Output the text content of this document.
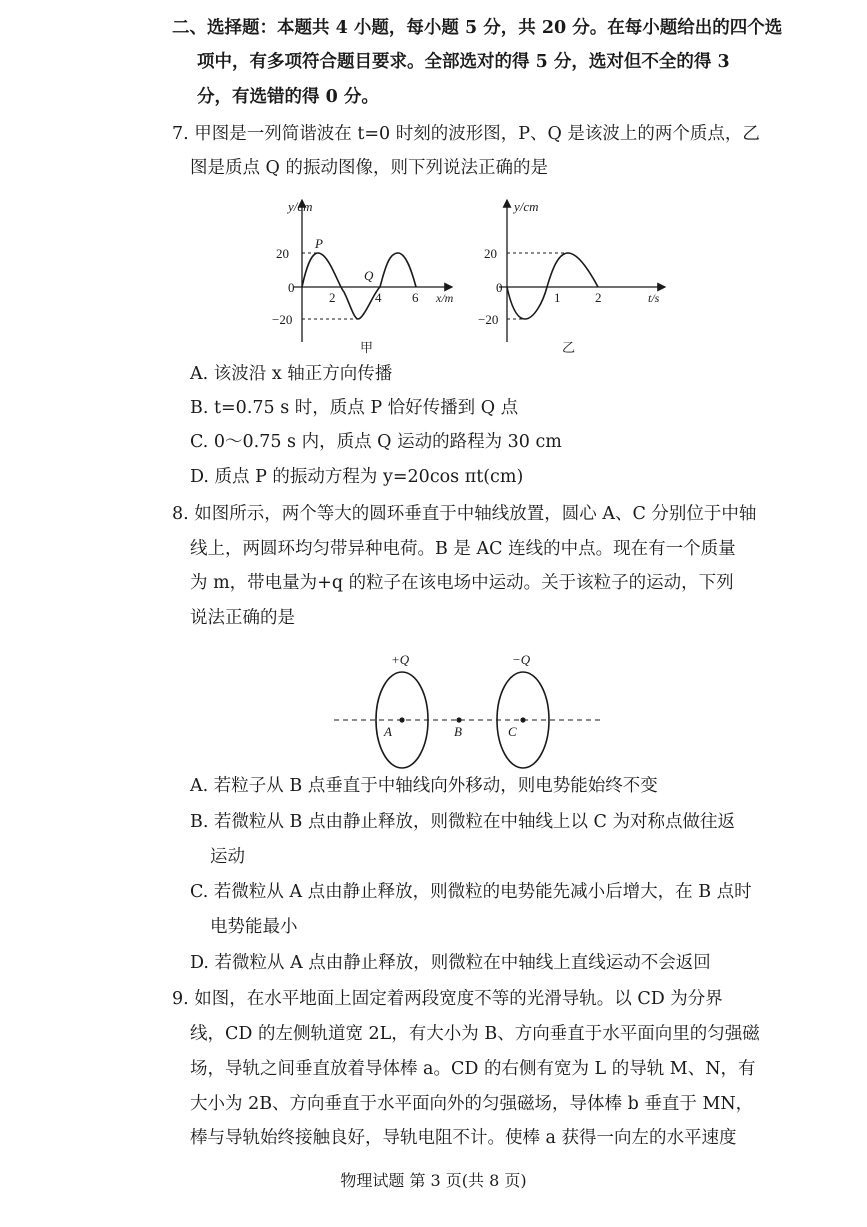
二、选择题：本题共 4 小题，每小题 5 分，共 20 分。在每小题给出的四个选
项中，有多项符合题目要求。全部选对的得 5 分，选对但不全的得 3
分，有选错的得 0 分。
7. 甲图是一列简谐波在 t=0 时刻的波形图，P、Q 是该波上的两个质点，乙
图是质点 Q 的振动图像，则下列说法正确的是
y/cm
20
0
−20
P
Q
2	4 6 x/m
甲
y/cm
20
0
−20
1	2	t/s
乙
A. 该波沿 x 轴正方向传播
B. t=0.75 s 时，质点 P 恰好传播到 Q 点
C. 0～0.75 s 内，质点 Q 运动的路程为 30 cm
D. 质点 P 的振动方程为 y=20cos πt(cm)
8. 如图所示，两个等大的圆环垂直于中轴线放置，圆心 A、C 分别位于中轴
线上，两圆环均匀带异种电荷。B 是 AC 连线的中点。现在有一个质量
为 m，带电量为+q 的粒子在该电场中运动。关于该粒子的运动，下列
说法正确的是
+Q	−Q
A	B	C
A. 若粒子从 B 点垂直于中轴线向外移动，则电势能始终不变
B. 若微粒从 B 点由静止释放，则微粒在中轴线上以 C 为对称点做往返
运动
C. 若微粒从 A 点由静止释放，则微粒的电势能先减小后增大，在 B 点时
电势能最小
D. 若微粒从 A 点由静止释放，则微粒在中轴线上直线运动不会返回
9. 如图，在水平地面上固定着两段宽度不等的光滑导轨。以 CD 为分界
线，CD 的左侧轨道宽 2L，有大小为 B、方向垂直于水平面向里的匀强磁
场，导轨之间垂直放着导体棒 a。CD 的右侧有宽为 L 的导轨 M、N，有
大小为 2B、方向垂直于水平面向外的匀强磁场，导体棒 b 垂直于 MN，
棒与导轨始终接触良好，导轨电阻不计。使棒 a 获得一向左的水平速度
物理试题 第 3 页(共 8 页)
